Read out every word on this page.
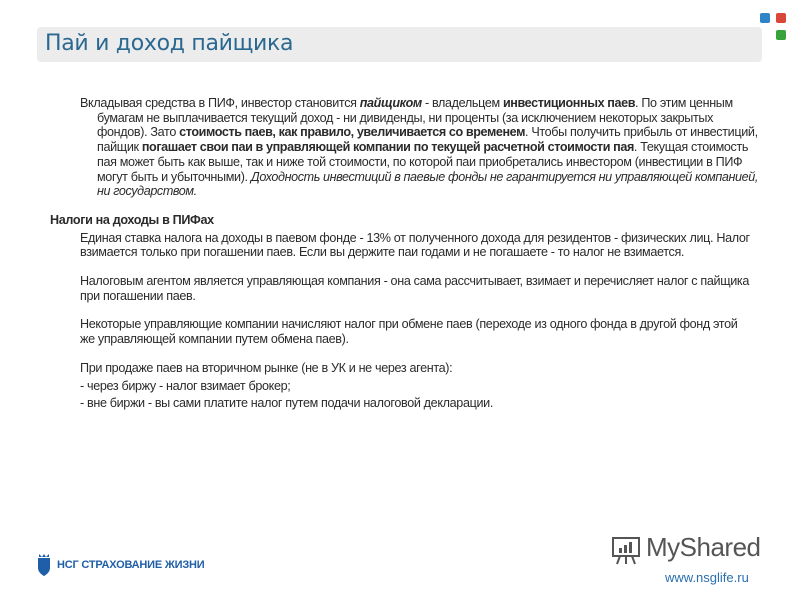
Пай и доход пайщика
Вкладывая средства в ПИФ, инвестор становится пайщиком - владельцем инвестиционных паев. По этим ценным бумагам не выплачивается текущий доход - ни дивиденды, ни проценты (за исключением некоторых закрытых фондов). Зато стоимость паев, как правило, увеличивается со временем. Чтобы получить прибыль от инвестиций, пайщик погашает свои паи в управляющей компании по текущей расчетной стоимости пая. Текущая стоимость пая может быть как выше, так и ниже той стоимости, по которой паи приобретались инвестором (инвестиции в ПИФ могут быть и убыточными). Доходность инвестиций в паевые фонды не гарантируется ни управляющей компанией, ни государством.
Налоги на доходы в ПИФах
Единая ставка налога на доходы в паевом фонде - 13% от полученного дохода для резидентов - физических лиц. Налог взимается только при погашении паев. Если вы держите паи годами и не погашаете - то налог не взимается.
Налоговым агентом является управляющая компания - она сама рассчитывает, взимает и перечисляет налог с пайщика при погашении паев.
Некоторые управляющие компании начисляют налог при обмене паев (переходе из одного фонда в другой фонд этой же управляющей компании путем обмена паев).
При продаже паев на вторичном рынке (не в УК и не через агента):
- через биржу - налог взимает брокер;
- вне биржи - вы сами платите налог путем подачи налоговой декларации.
НСГ СТРАХОВАНИЕ ЖИЗНИ
MyShared
www.nsglife.ru
